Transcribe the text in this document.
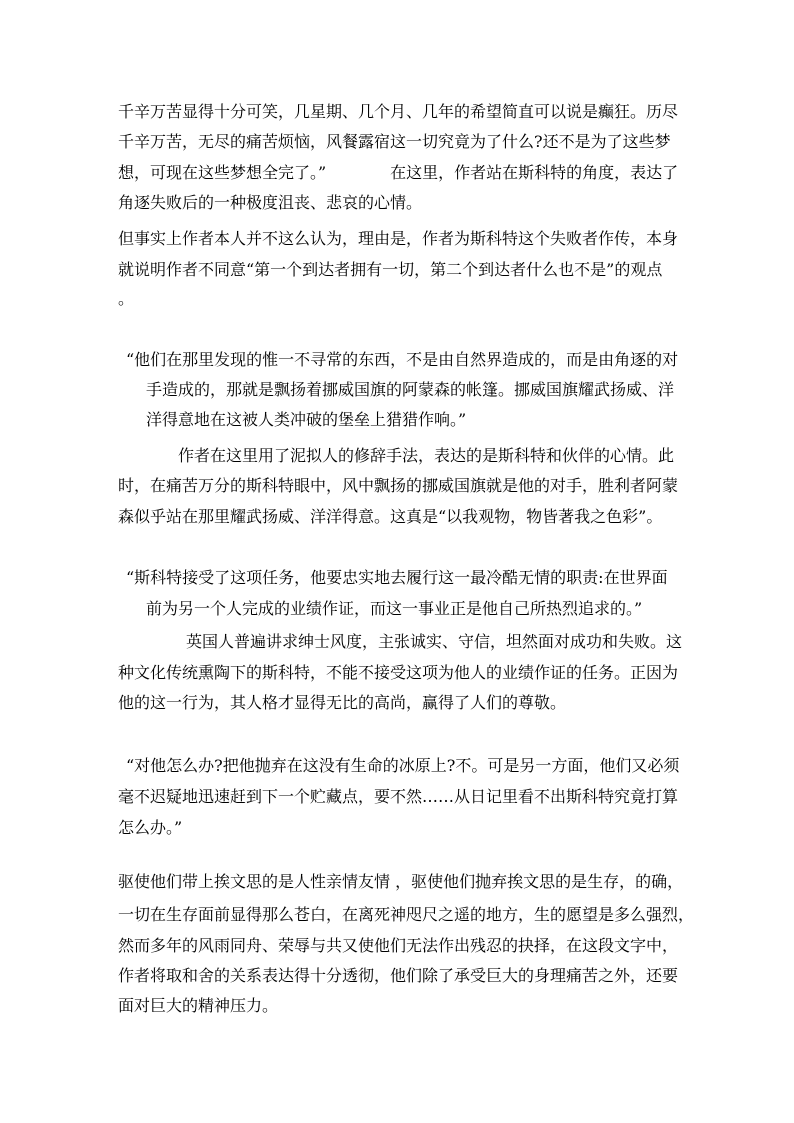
千辛万苦显得十分可笑，几星期、几个月、几年的希望简直可以说是癫狂。历尽

千辛万苦，无尽的痛苦烦恼，风餐露宿这一切究竟为了什么?还不是为了这些梦

想，可现在这些梦想全完了。”　　　　在这里，作者站在斯科特的角度，表达了

角逐失败后的一种极度沮丧、悲哀的心情。

但事实上作者本人并不这么认为，理由是，作者为斯科特这个失败者作传，本身

就说明作者不同意“第一个到达者拥有一切，第二个到达者什么也不是”的观点

。

“他们在那里发现的惟一不寻常的东西，不是由自然界造成的，而是由角逐的对

手造成的，那就是飘扬着挪威国旗的阿蒙森的帐篷。挪威国旗耀武扬威、洋

洋得意地在这被人类冲破的堡垒上猎猎作响。”

作者在这里用了泥拟人的修辞手法，表达的是斯科特和伙伴的心情。此

时，在痛苦万分的斯科特眼中，风中飘扬的挪威国旗就是他的对手，胜利者阿蒙

森似乎站在那里耀武扬威、洋洋得意。这真是“以我观物，物皆著我之色彩”。

“斯科特接受了这项任务，他要忠实地去履行这一最冷酷无情的职责:在世界面

前为另一个人完成的业绩作证，而这一事业正是他自己所热烈追求的。”

英国人普遍讲求绅士风度，主张诚实、守信，坦然面对成功和失败。这

种文化传统熏陶下的斯科特，不能不接受这项为他人的业绩作证的任务。正因为

他的这一行为，其人格才显得无比的高尚，赢得了人们的尊敬。

“对他怎么办?把他抛弃在这没有生命的冰原上?不。可是另一方面，他们又必须

毫不迟疑地迅速赶到下一个贮藏点，要不然……从日记里看不出斯科特究竟打算

怎么办。”

驱使他们带上挨文思的是人性亲情友情 ，驱使他们抛弃挨文思的是生存，的确，

一切在生存面前显得那么苍白，在离死神咫尺之遥的地方，生的愿望是多么强烈，

然而多年的风雨同舟、荣辱与共又使他们无法作出残忍的抉择，在这段文字中，

作者将取和舍的关系表达得十分透彻，他们除了承受巨大的身理痛苦之外，还要

面对巨大的精神压力。
